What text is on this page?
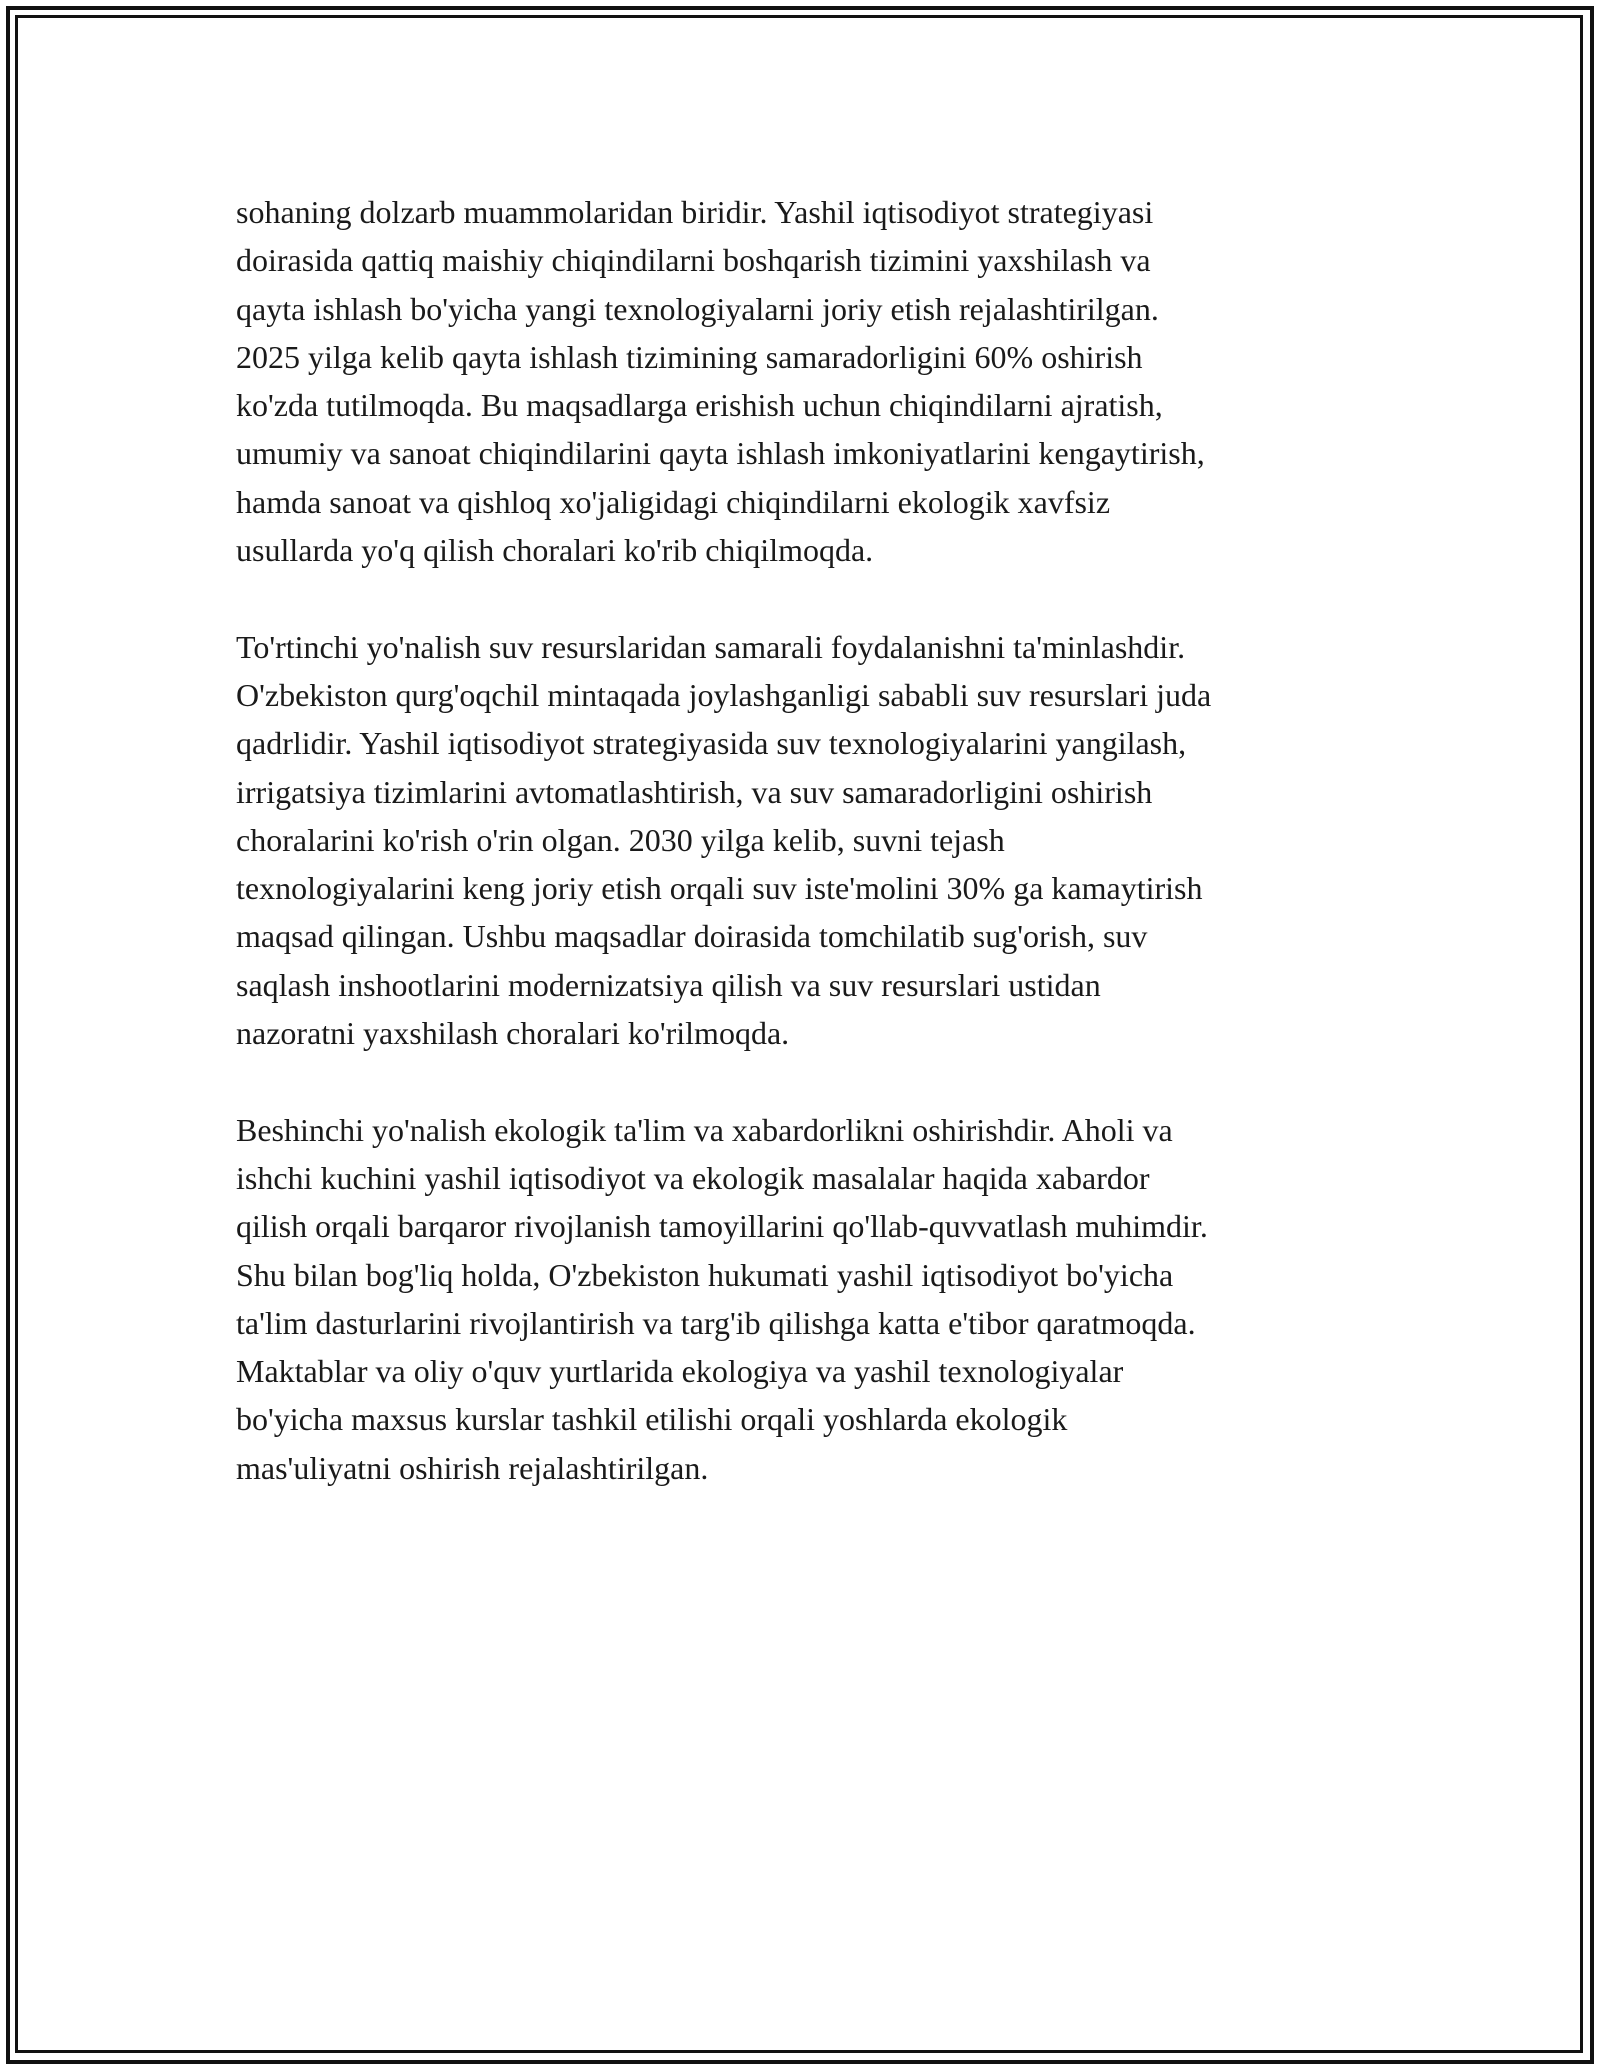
sohaning dolzarb muammolaridan biridir. Yashil iqtisodiyot strategiyasi
doirasida qattiq maishiy chiqindilarni boshqarish tizimini yaxshilash va
qayta ishlash bo'yicha yangi texnologiyalarni joriy etish rejalashtirilgan.
2025 yilga kelib qayta ishlash tizimining samaradorligini 60% oshirish
ko'zda tutilmoqda. Bu maqsadlarga erishish uchun chiqindilarni ajratish,
umumiy va sanoat chiqindilarini qayta ishlash imkoniyatlarini kengaytirish,
hamda sanoat va qishloq xo'jaligidagi chiqindilarni ekologik xavfsiz
usullarda yo'q qilish choralari ko'rib chiqilmoqda.

To'rtinchi yo'nalish suv resurslaridan samarali foydalanishni ta'minlashdir.
O'zbekiston qurg'oqchil mintaqada joylashganligi sababli suv resurslari juda
qadrlidir. Yashil iqtisodiyot strategiyasida suv texnologiyalarini yangilash,
irrigatsiya tizimlarini avtomatlashtirish, va suv samaradorligini oshirish
choralarini ko'rish o'rin olgan. 2030 yilga kelib, suvni tejash
texnologiyalarini keng joriy etish orqali suv iste'molini 30% ga kamaytirish
maqsad qilingan. Ushbu maqsadlar doirasida tomchilatib sug'orish, suv
saqlash inshootlarini modernizatsiya qilish va suv resurslari ustidan
nazoratni yaxshilash choralari ko'rilmoqda.

Beshinchi yo'nalish ekologik ta'lim va xabardorlikni oshirishdir. Aholi va
ishchi kuchini yashil iqtisodiyot va ekologik masalalar haqida xabardor
qilish orqali barqaror rivojlanish tamoyillarini qo'llab-quvvatlash muhimdir.
Shu bilan bog'liq holda, O'zbekiston hukumati yashil iqtisodiyot bo'yicha
ta'lim dasturlarini rivojlantirish va targ'ib qilishga katta e'tibor qaratmoqda.
Maktablar va oliy o'quv yurtlarida ekologiya va yashil texnologiyalar
bo'yicha maxsus kurslar tashkil etilishi orqali yoshlarda ekologik
mas'uliyatni oshirish rejalashtirilgan.
